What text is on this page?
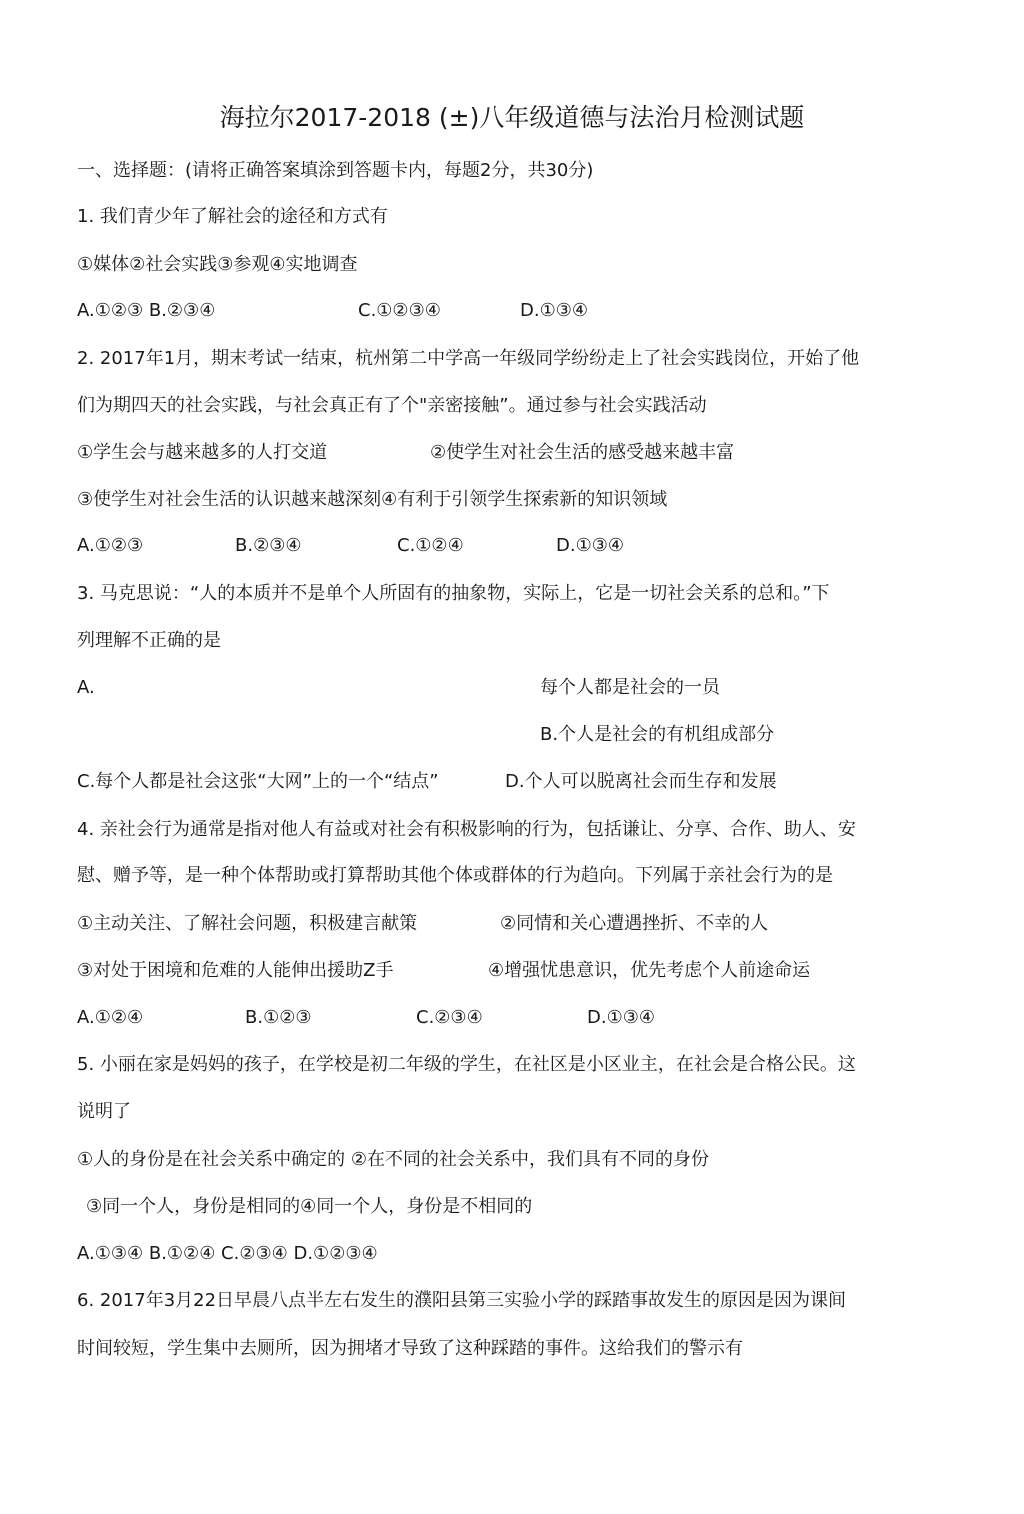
海拉尔2017-2018 (±)八年级道德与法治月检测试题
一、选择题：(请将正确答案填涂到答题卡内，每题2分，共30分)
1. 我们青少年了解社会的途径和方式有
①媒体②社会实践③参观④实地调查
A.①②③ B.②③④	C.①②③④	D.①③④
2. 2017年1月，期末考试一结束，杭州第二中学高一年级同学纷纷走上了社会实践岗位，开始了他
们为期四天的社会实践，与社会真正有了个"亲密接触”。通过参与社会实践活动
①学生会与越来越多的人打交道	②使学生对社会生活的感受越来越丰富
③使学生对社会生活的认识越来越深刻④有利于引领学生探索新的知识领域
A.①②③	B.②③④	C.①②④	D.①③④
3. 马克思说：“人的本质并不是单个人所固有的抽象物，实际上，它是一切社会关系的总和。”下
列理解不正确的是
A.	每个人都是社会的一员
B.个人是社会的有机组成部分
C.每个人都是社会这张“大网”上的一个“结点”	D.个人可以脱离社会而生存和发展
4. 亲社会行为通常是指对他人有益或对社会有积极影响的行为，包括谦让、分享、合作、助人、安
慰、赠予等，是一种个体帮助或打算帮助其他个体或群体的行为趋向。下列属于亲社会行为的是
①主动关注、了解社会问题，积极建言献策	②同情和关心遭遇挫折、不幸的人
③对处于困境和危难的人能伸出援助Z手	④增强忧患意识，优先考虑个人前途命运
A.①②④	B.①②③	C.②③④	D.①③④
5. 小丽在家是妈妈的孩子，在学校是初二年级的学生，在社区是小区业主，在社会是合格公民。这
说明了
①人的身份是在社会关系中确定的 ②在不同的社会关系中，我们具有不同的身份
③同一个人，身份是相同的④同一个人，身份是不相同的
A.①③④ B.①②④ C.②③④ D.①②③④
6. 2017年3月22日早晨八点半左右发生的濮阳县第三实验小学的踩踏事故发生的原因是因为课间
时间较短，学生集中去厕所，因为拥堵才导致了这种踩踏的事件。这给我们的警示有
